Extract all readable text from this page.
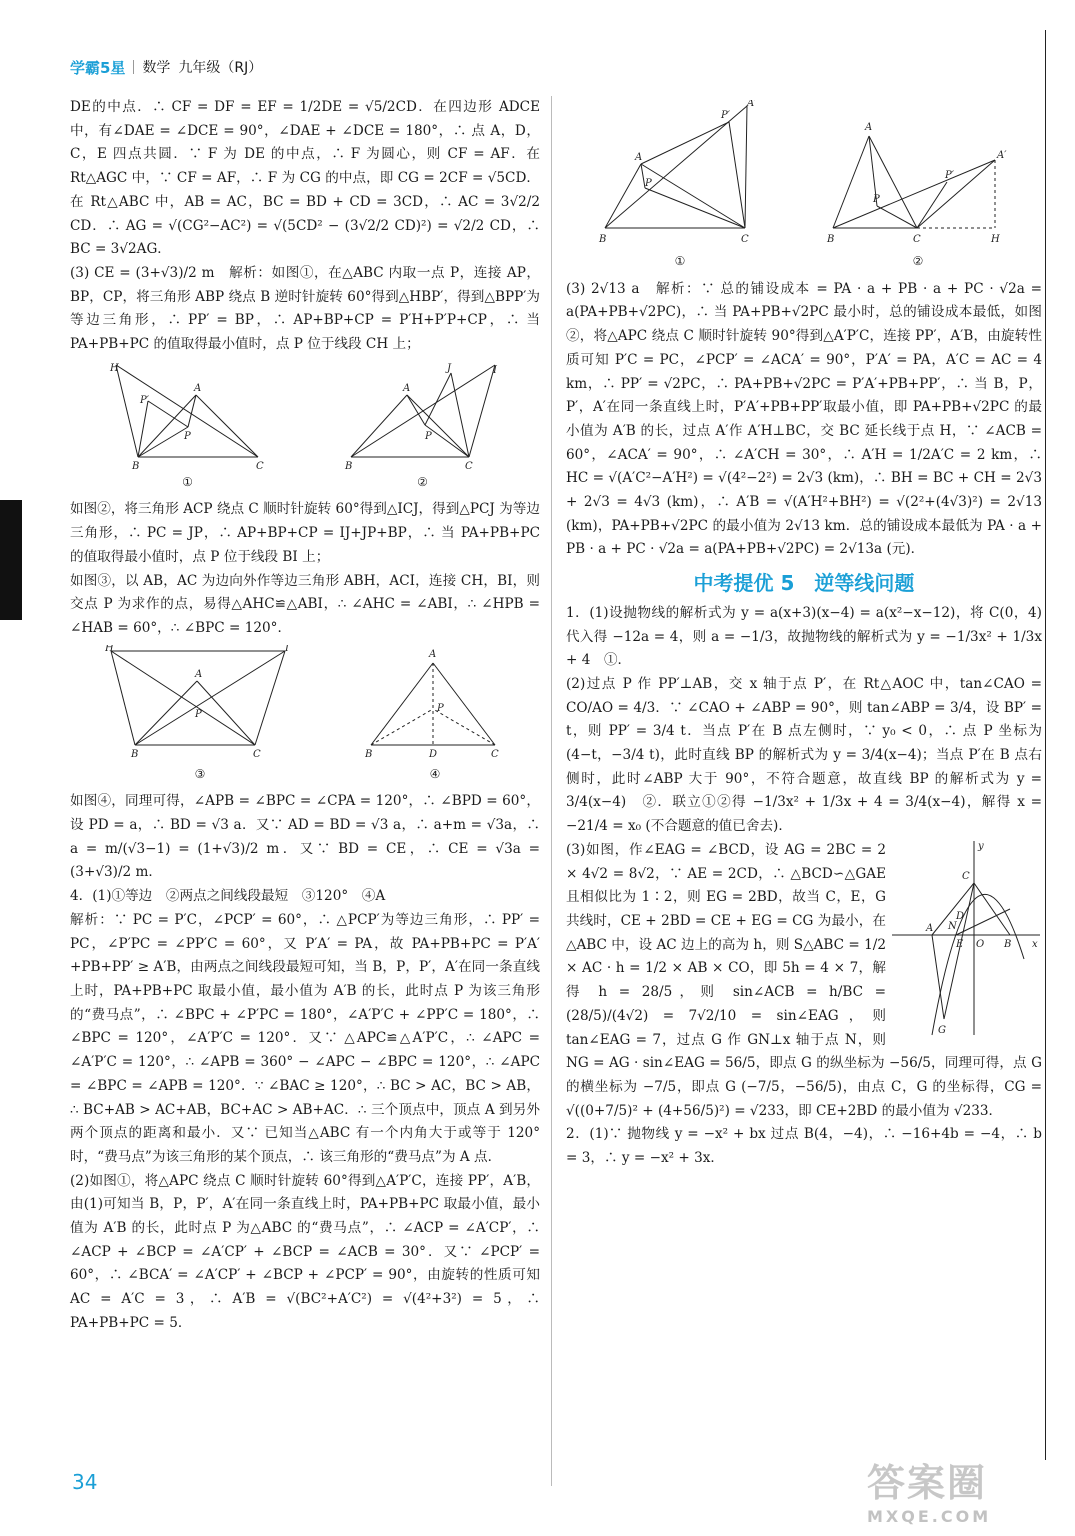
学霸5星 数学 九年级（RJ）

DE的中点．∴ CF = DF = EF = 1/2DE = √5/2CD．在四边形 ADCE 中，有∠DAE = ∠DCE = 90°，∠DAE + ∠DCE = 180°，∴ 点 A，D，C，E 四点共圆．∵ F 为 DE 的中点，∴ F 为圆心，则 CF = AF．在 Rt△AGC 中，∵ CF = AF，∴ F 为 CG 的中点，即 CG = 2CF = √5CD．在 Rt△ABC 中，AB = AC，BC = BD + CD = 3CD，∴ AC = 3√2/2 CD．∴ AG = √(CG²−AC²) = √(5CD² − (3√2/2 CD)²) = √2/2 CD，∴ BC = 3√2AG．

(3) CE = (3+√3)/2 m　解析：如图①，在△ABC 内取一点 P，连接 AP，BP，CP，将三角形 ABP 绕点 B 逆时针旋转 60°得到△HBP′，得到△BPP′为等边三角形，∴ PP′ = BP，∴ AP+BP+CP = P′H+P′P+CP，∴ 当 PA+PB+PC 的值取得最小值时，点 P 位于线段 CH 上；

H
P′
A
P
B	C
①
A
J	I
P
B	C
②

如图②，将三角形 ACP 绕点 C 顺时针旋转 60°得到△ICJ，得到△PCJ 为等边三角形，∴ PC = JP，∴ AP+BP+CP = IJ+JP+BP，∴ 当 PA+PB+PC 的值取得最小值时，点 P 位于线段 BI 上；

如图③，以 AB，AC 为边向外作等边三角形 ABH，ACI，连接 CH，BI，则交点 P 为求作的点，易得△AHC≌△ABI，∴ ∠AHC = ∠ABI，∴ ∠HPB = ∠HAB = 60°，∴ ∠BPC = 120°．

H	I
A
P
B	C
③
A
P
B	D	C
④

如图④，同理可得，∠APB = ∠BPC = ∠CPA = 120°，∴ ∠BPD = 60°，设 PD = a，∴ BD = √3 a．又∵ AD = BD = √3 a，∴ a+m = √3a，∴ a = m/(√3−1) = (1+√3)/2 m．又∵ BD = CE，∴ CE = √3a = (3+√3)/2 m．

4．(1)①等边　②两点之间线段最短　③120°　④A

解析：∵ PC = P′C，∠PCP′ = 60°，∴ △PCP′为等边三角形，∴ PP′ = PC，∠P′PC = ∠PP′C = 60°，又 P′A′ = PA，故 PA+PB+PC = P′A′+PB+PP′ ≥ A′B，由两点之间线段最短可知，当 B，P，P′，A′在同一条直线上时，PA+PB+PC 取最小值，最小值为 A′B 的长，此时点 P 为该三角形的“费马点”，∴ ∠BPC + ∠P′PC = 180°，∠A′P′C + ∠PP′C = 180°，∴ ∠BPC = 120°，∠A′P′C = 120°．又∵ △APC≌△A′P′C，∴ ∠APC = ∠A′P′C = 120°，∴ ∠APB = 360° − ∠APC − ∠BPC = 120°，∴ ∠APC = ∠BPC = ∠APB = 120°．∵ ∠BAC ≥ 120°，∴ BC > AC，BC > AB，∴ BC+AB > AC+AB，BC+AC > AB+AC．∴ 三个顶点中，顶点 A 到另外两个顶点的距离和最小．又∵ 已知当△ABC 有一个内角大于或等于 120°时，“费马点”为该三角形的某个顶点，∴ 该三角形的“费马点”为 A 点．

(2)如图①，将△APC 绕点 C 顺时针旋转 60°得到△A′P′C，连接 PP′，A′B，由(1)可知当 B，P，P′，A′在同一条直线上时，PA+PB+PC 取最小值，最小值为 A′B 的长，此时点 P 为△ABC 的“费马点”，∴ ∠ACP = ∠A′CP′，∴ ∠ACP + ∠BCP = ∠A′CP′ + ∠BCP = ∠ACB = 30°．又∵ ∠PCP′ = 60°，∴ ∠BCA′ = ∠A′CP′ + ∠BCP + ∠PCP′ = 90°，由旋转的性质可知 AC = A′C = 3，∴ A′B = √(BC²+A′C²) = √(4²+3²) = 5，∴ PA+PB+PC = 5．

A
P′
A′
P
B	C
①
A
P′
A′
P
B	C	H
②

(3) 2√13 a　解析：∵ 总的铺设成本 = PA · a + PB · a + PC · √2a = a(PA+PB+√2PC)，∴ 当 PA+PB+√2PC 最小时，总的铺设成本最低，如图②，将△APC 绕点 C 顺时针旋转 90°得到△A′P′C，连接 PP′，A′B，由旋转性质可知 P′C = PC，∠PCP′ = ∠ACA′ = 90°，P′A′ = PA，A′C = AC = 4 km，∴ PP′ = √2PC，∴ PA+PB+√2PC = P′A′+PB+PP′，∴ 当 B，P，P′，A′在同一条直线上时，P′A′+PB+PP′取最小值，即 PA+PB+√2PC 的最小值为 A′B 的长，过点 A′作 A′H⊥BC，交 BC 延长线于点 H，∵ ∠ACB = 60°，∠ACA′ = 90°，∴ ∠A′CH = 30°，∴ A′H = 1/2A′C = 2 km，∴ HC = √(A′C²−A′H²) = √(4²−2²) = 2√3 (km)，∴ BH = BC + CH = 2√3 + 2√3 = 4√3 (km)，∴ A′B = √(A′H²+BH²) = √(2²+(4√3)²) = 2√13 (km)，PA+PB+√2PC 的最小值为 2√13 km．总的铺设成本最低为 PA · a + PB · a + PC · √2a = a(PA+PB+√2PC) = 2√13a (元)．

中考提优 5　逆等线问题

1．(1)设抛物线的解析式为 y = a(x+3)(x−4) = a(x²−x−12)，将 C(0，4)代入得 −12a = 4，则 a = −1/3，故抛物线的解析式为 y = −1/3x² + 1/3x + 4　①．

(2)过点 P 作 PP′⊥AB，交 x 轴于点 P′，在 Rt△AOC 中，tan∠CAO = CO/AO = 4/3．∵ ∠CAO + ∠ABP = 90°，则 tan∠ABP = 3/4，设 BP′ = t，则 PP′ = 3/4 t．当点 P′在 B 点左侧时，∵ y₀ < 0，∴ 点 P 坐标为 (4−t，−3/4 t)，此时直线 BP 的解析式为 y = 3/4(x−4)；当点 P′在 B 点右侧时，此时∠ABP 大于 90°，不符合题意，故直线 BP 的解析式为 y = 3/4(x−4)　②．联立①②得 −1/3x² + 1/3x + 4 = 3/4(x−4)，解得 x = −21/4 = x₀ (不合题意的值已舍去)．

y
x
C
A N
D
E O B
G

(3)如图，作∠EAG = ∠BCD，设 AG = 2BC = 2 × 4√2 = 8√2，∵ AE = 2CD，∴ △BCD∽△GAE 且相似比为 1∶2，则 EG = 2BD，故当 C，E，G 共线时，CE + 2BD = CE + EG = CG 为最小，在△ABC 中，设 AC 边上的高为 h，则 S△ABC = 1/2 × AC · h = 1/2 × AB × CO，即 5h = 4 × 7，解得 h = 28/5，则 sin∠ACB = h/BC = (28/5)/(4√2) = 7√2/10 = sin∠EAG，则 tan∠EAG = 7，过点 G 作 GN⊥x 轴于点 N，则 NG = AG · sin∠EAG = 56/5，即点 G 的纵坐标为 −56/5，同理可得，点 G 的横坐标为 −7/5，即点 G (−7/5，−56/5)，由点 C，G 的坐标得，CG = √((0+7/5)² + (4+56/5)²) = √233，即 CE+2BD 的最小值为 √233．

2．(1)∵ 抛物线 y = −x² + bx 过点 B(4，−4)，∴ −16+4b = −4，∴ b = 3，∴ y = −x² + 3x．

34	答案圈
MXQE.COM
